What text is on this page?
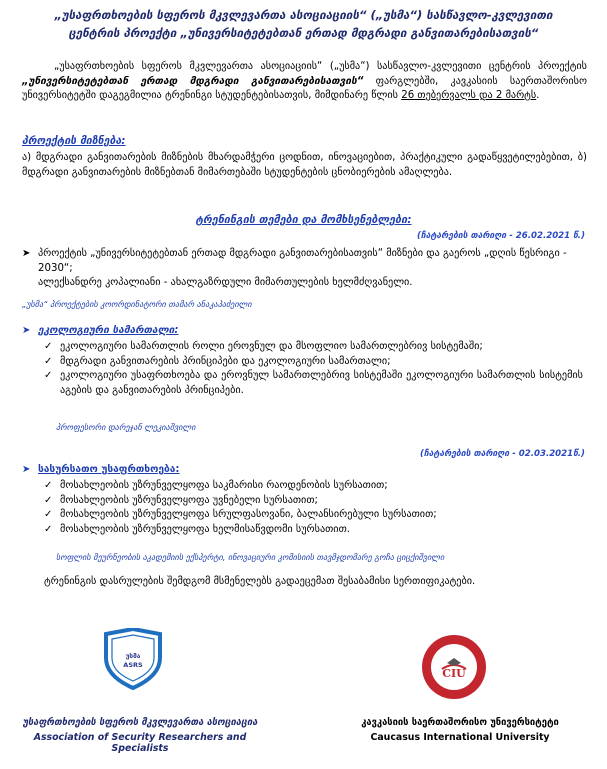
„უსაფრთხოების სფეროს მკვლევართა ასოციაციის“ („უსმა“) სასწავლო-კვლევითი
ცენტრის პროექტი „უნივერსიტეტებთან ერთად მდგრადი განვითარებისათვის“
„უსაფრთხოების სფეროს მკვლევართა ასოციაციის“ („უსმა“) სასწავლო-კვლევითი ცენტრის პროექტის „უნივერსიტეტებთან ერთად მდგრადი განვითარებისათვის“ ფარგლებში, კავკასიის საერთაშორისო უნივერსიტეტში დაგეგმილია ტრენინგი სტუდენტებისათვის, მიმდინარე წლის 26 თებერვალს და 2 მარტს.
პროექტის მიზნება:
ა) მდგრადი განვითარების მიზნების მხარდამჭერი ცოდნით, ინოვაციებით, პრაქტიკული გადაწყვეტილებებით, ბ) მდგრადი განვითარების მიზნებთან მიმართებაში სტუდენტების ცნობიერების ამაღლება.
ტრენინგის თემები და მომხსენებლები:
(ჩატარების თარიღი - 26.02.2021 წ.)
➤ პროექტის „უნივერსიტეტებთან ერთად მდგრადი განვითარებისათვის“ მიზნები და გაეროს „დღის წესრიგი - 2030“;
ალექსანდრე კოპალიანი - ახალგაზრდული მიმართულების ხელმძღვანელი.
„უსმა“ პროექტების კოორდინატორი თამარ ანაკაპაძეილი
➤ ეკოლოგიური სამართალი:
✓ ეკოლოგიური სამართლის როლი ეროვნულ და მსოფლიო სამართლებრივ სისტემაში;
✓ მდგრადი განვითარების პრინციპები და ეკოლოგიური სამართალი;
✓ ეკოლოგიური უსაფრთხოება და ეროვნულ სამართლებრივ სისტემაში ეკოლოგიური სამართლის სისტემის აგების და განვითარების პრინციპები.
პროფესორი დარეჯან ლეკიაშვილი
(ჩატარების თარიღი - 02.03.2021წ.)
➤ სასურსათო უსაფრთხოება:
✓ მოსახლეობის უზრუნველყოფა საკმარისი რაოდენობის სურსათით;
✓ მოსახლეობის უზრუნველყოფა უვნებელი სურსათით;
✓ მოსახლეობის უზრუნველყოფა სრულფასოვანი, ბალანსირებული სურსათით;
✓ მოსახლეობის უზრუნველყოფა ხელმისაწვდომი სურსათით.
სოფლის მეურნეობის აკადემიის ექსპერტი, ინოვაციური კომისიის თავმჯდომარე გოჩა ციცქიშვილი
ტრენინგის დასრულების შემდგომ მსმენელებს გადაეცემათ შესაბამისი სერთიფიკატები.
უსმა
ASRS
CIU
უსაფრთხოების სფეროს მკვლევართა ასოციაცია
Association of Security Researchers and Specialists
კავკასიის საერთაშორისო უნივერსიტეტი
Caucasus International University
